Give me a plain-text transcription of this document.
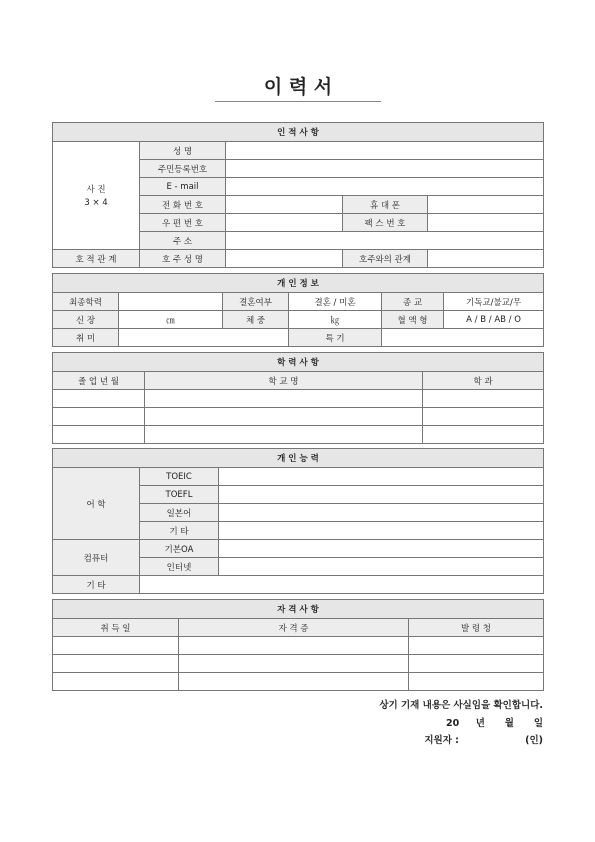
이 력 서
인 적 사 항				

사 진
3 × 4	성 명			
	주민등록번호			
	E - mail			
	전 화 번 호		휴 대 폰	
	우 편 번 호		팩 스 번 호	
	주 소			
호 적 관 계	호 주 성 명		호주와의 관계	
개 인 정 보					
최종학력		결혼여부	결혼 / 미혼	종 교	기독교/불교/무
신 장	㎝	체 중	㎏	혈 액 형	A / B / AB / O
취 미			특 기		
학 력 사 항		
졸 업 년 월	학 교 명	학 과

개 인 능 력		
어 학	TOEIC	
	TOEFL	
	일본어	
	기 타	
컴퓨터	기본OA	
	인터넷	
기 타		
자 격 사 항		
취 득 일	자 격 증	발 령 청

상기 기재 내용은 사실임을 확인합니다.
20     년      월      일
지원자 :                    (인)
